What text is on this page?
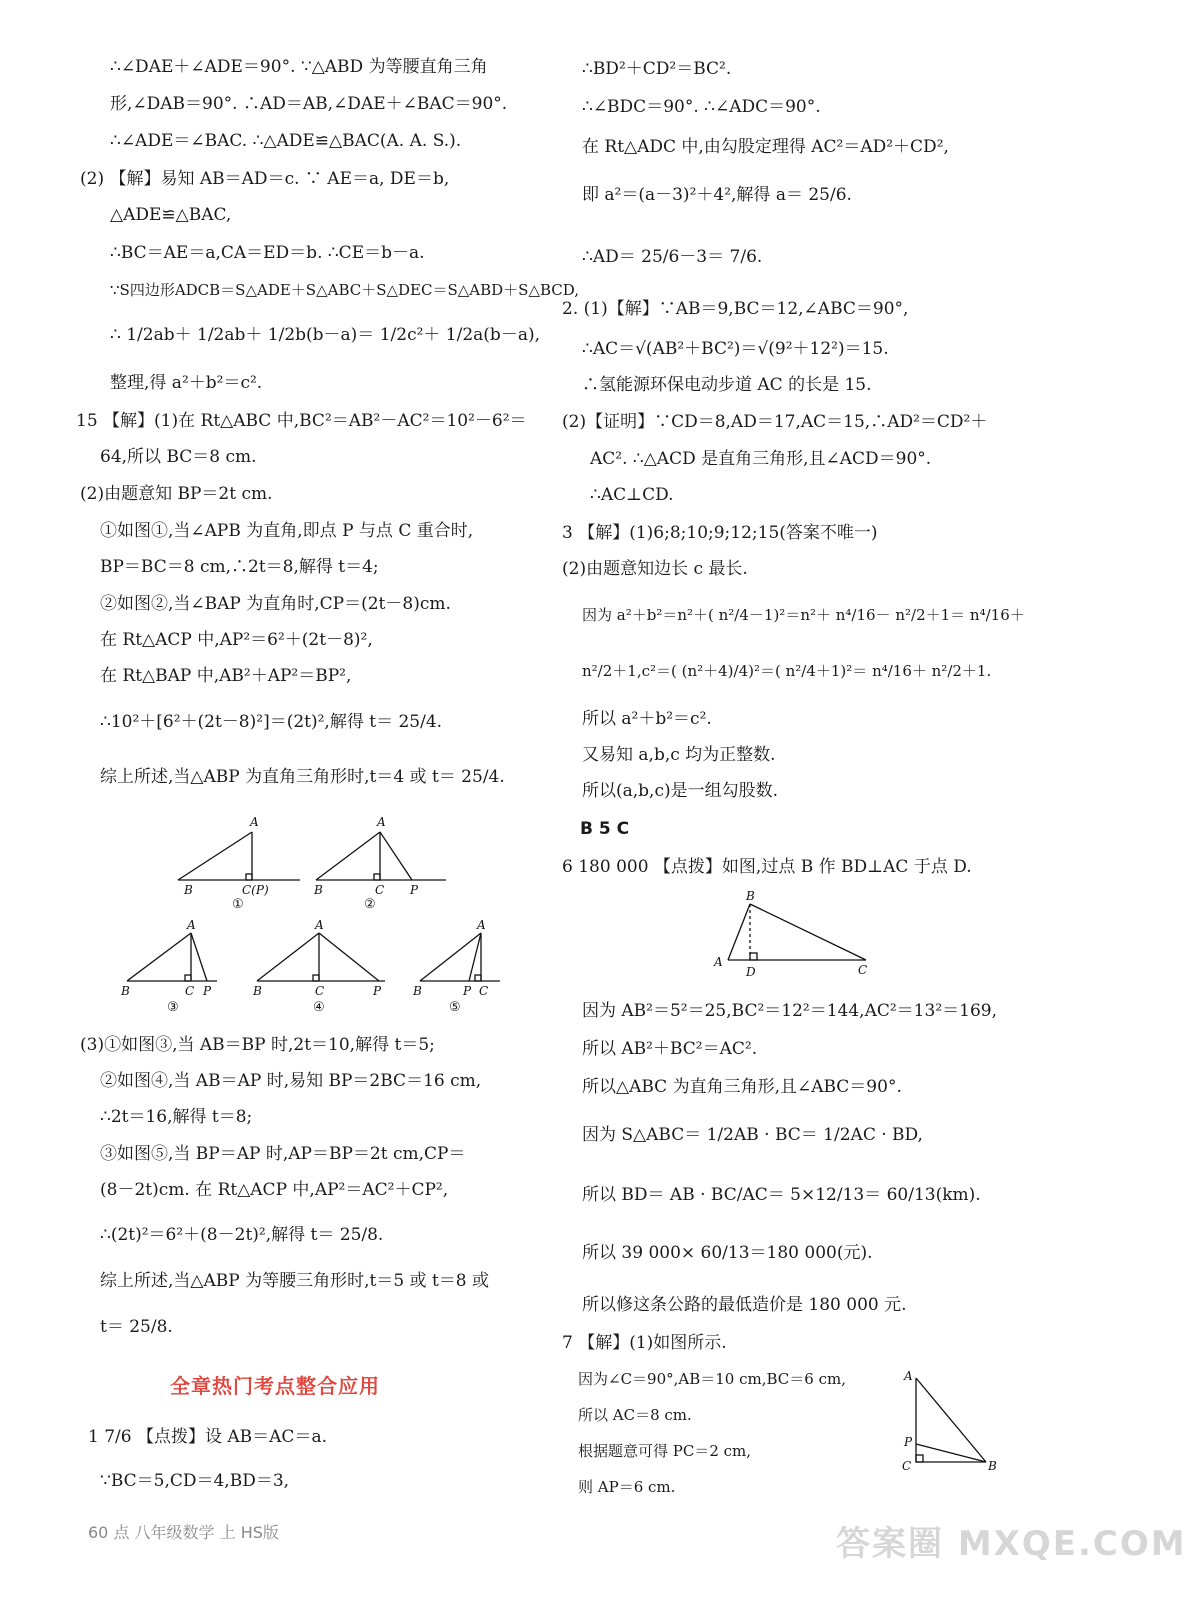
∴∠DAE＋∠ADE＝90°. ∵△ABD 为等腰直角三角
形,∠DAB＝90°. ∴AD＝AB,∠DAE＋∠BAC＝90°.
∴∠ADE＝∠BAC. ∴△ADE≌△BAC(A. A. S.).
(2) 【解】易知 AB＝AD＝c. ∵ AE＝a, DE＝b,
△ADE≌△BAC,
∴BC＝AE＝a,CA＝ED＝b. ∴CE＝b－a.
∵S四边形ADCB＝S△ADE＋S△ABC＋S△DEC＝S△ABD＋S△BCD,
∴ 1/2ab＋ 1/2ab＋ 1/2b(b－a)＝ 1/2c²＋ 1/2a(b－a),
整理,得 a²＋b²＝c².
15 【解】(1)在 Rt△ABC 中,BC²＝AB²－AC²＝10²－6²＝
64,所以 BC＝8 cm.
(2)由题意知 BP＝2t cm.
①如图①,当∠APB 为直角,即点 P 与点 C 重合时,
BP＝BC＝8 cm,∴2t＝8,解得 t＝4;
②如图②,当∠BAP 为直角时,CP＝(2t－8)cm.
在 Rt△ACP 中,AP²＝6²＋(2t－8)²,
在 Rt△BAP 中,AB²＋AP²＝BP²,
∴10²＋[6²＋(2t－8)²]＝(2t)²,解得 t＝ 25/4.
综上所述,当△ABP 为直角三角形时,t＝4 或 t＝ 25/4.
A
B	C(P)
①
A
B	C P
②
A
B	C P
③
A
B	C	P
④
A
B	P C
⑤
(3)①如图③,当 AB＝BP 时,2t＝10,解得 t＝5;
②如图④,当 AB＝AP 时,易知 BP＝2BC＝16 cm,
∴2t＝16,解得 t＝8;
③如图⑤,当 BP＝AP 时,AP＝BP＝2t cm,CP＝
(8－2t)cm. 在 Rt△ACP 中,AP²＝AC²＋CP²,
∴(2t)²＝6²＋(8－2t)²,解得 t＝ 25/8.
综上所述,当△ABP 为等腰三角形时,t＝5 或 t＝8 或
t＝ 25/8.
全章热门考点整合应用
1 7/6 【点拨】设 AB＝AC＝a.
∵BC＝5,CD＝4,BD＝3,
60 点 八年级数学 上 HS版
∴BD²＋CD²＝BC².
∴∠BDC＝90°. ∴∠ADC＝90°.
在 Rt△ADC 中,由勾股定理得 AC²＝AD²＋CD²,
即 a²＝(a－3)²＋4²,解得 a＝ 25/6.
∴AD＝ 25/6－3＝ 7/6.
2. (1)【解】∵AB＝9,BC＝12,∠ABC＝90°,
∴AC＝√(AB²＋BC²)＝√(9²＋12²)＝15.
∴氢能源环保电动步道 AC 的长是 15.
(2)【证明】∵CD＝8,AD＝17,AC＝15,∴AD²＝CD²＋
AC². ∴△ACD 是直角三角形,且∠ACD＝90°.
∴AC⊥CD.
3 【解】(1)6;8;10;9;12;15(答案不唯一)
(2)由题意知边长 c 最长.
因为 a²＋b²＝n²＋( n²/4－1)²＝n²＋ n⁴/16－ n²/2＋1＝ n⁴/16＋
n²/2＋1,c²＝( (n²＋4)/4)²＝( n²/4＋1)²＝ n⁴/16＋ n²/2＋1.
所以 a²＋b²＝c².
又易知 a,b,c 均为正整数.
所以(a,b,c)是一组勾股数.
B 5 C
6 180 000 【点拨】如图,过点 B 作 BD⊥AC 于点 D.
B
A
D	C
因为 AB²＝5²＝25,BC²＝12²＝144,AC²＝13²＝169,
所以 AB²＋BC²＝AC².
所以△ABC 为直角三角形,且∠ABC＝90°.
因为 S△ABC＝ 1/2AB · BC＝ 1/2AC · BD,
所以 BD＝ AB · BC/AC＝ 5×12/13＝ 60/13(km).
所以 39 000× 60/13＝180 000(元).
所以修这条公路的最低造价是 180 000 元.
7 【解】(1)如图所示.
因为∠C＝90°,AB＝10 cm,BC＝6 cm,
所以 AC＝8 cm.
根据题意可得 PC＝2 cm,
则 AP＝6 cm.
A
P
C	B
答案圈 MXQE.COM
